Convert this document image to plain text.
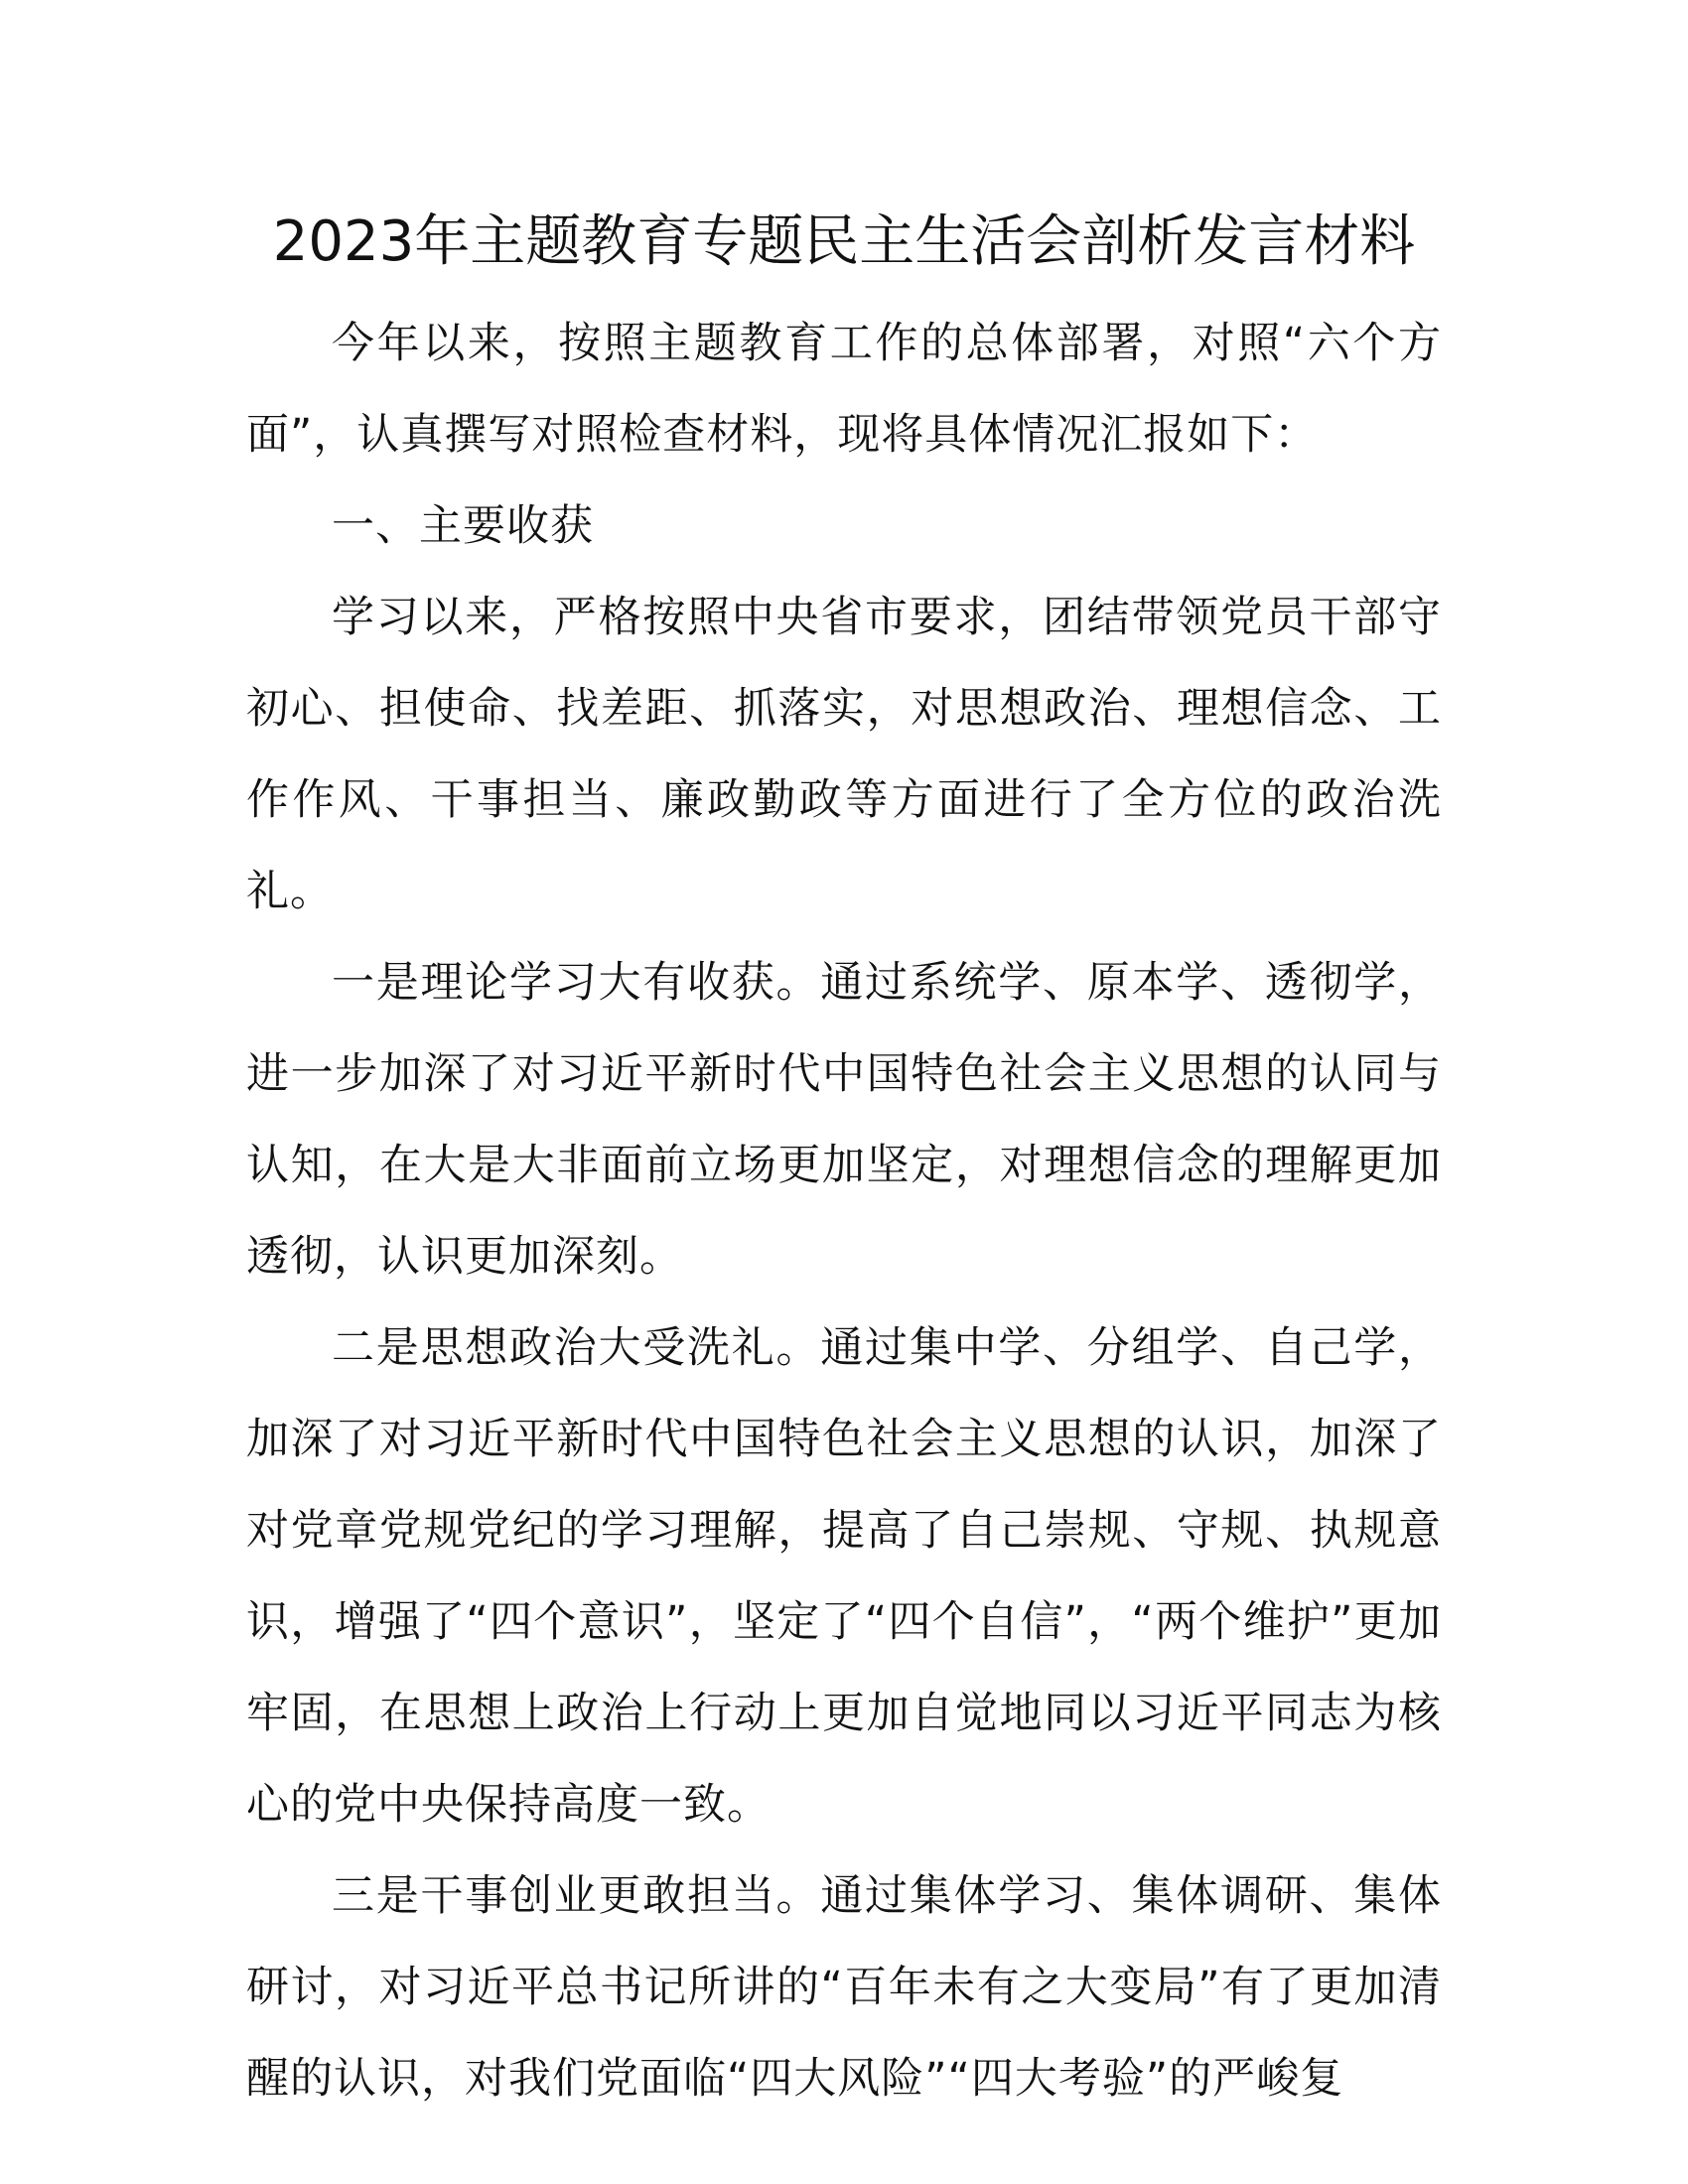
2023年主题教育专题民主生活会剖析发言材料

今年以来，按照主题教育工作的总体部署，对照“六个方面”，认真撰写对照检查材料，现将具体情况汇报如下：

一、主要收获

学习以来，严格按照中央省市要求，团结带领党员干部守初心、担使命、找差距、抓落实，对思想政治、理想信念、工作作风、干事担当、廉政勤政等方面进行了全方位的政治洗礼。

一是理论学习大有收获。通过系统学、原本学、透彻学，进一步加深了对习近平新时代中国特色社会主义思想的认同与认知，在大是大非面前立场更加坚定，对理想信念的理解更加透彻，认识更加深刻。

二是思想政治大受洗礼。通过集中学、分组学、自己学，加深了对习近平新时代中国特色社会主义思想的认识，加深了对党章党规党纪的学习理解，提高了自己崇规、守规、执规意识，增强了“四个意识”，坚定了“四个自信”，“两个维护”更加牢固，在思想上政治上行动上更加自觉地同以习近平同志为核心的党中央保持高度一致。

三是干事创业更敢担当。通过集体学习、集体调研、集体研讨，对习近平总书记所讲的“百年未有之大变局”有了更加清醒的认识，对我们党面临“四大风险”“四大考验”的严峻复
